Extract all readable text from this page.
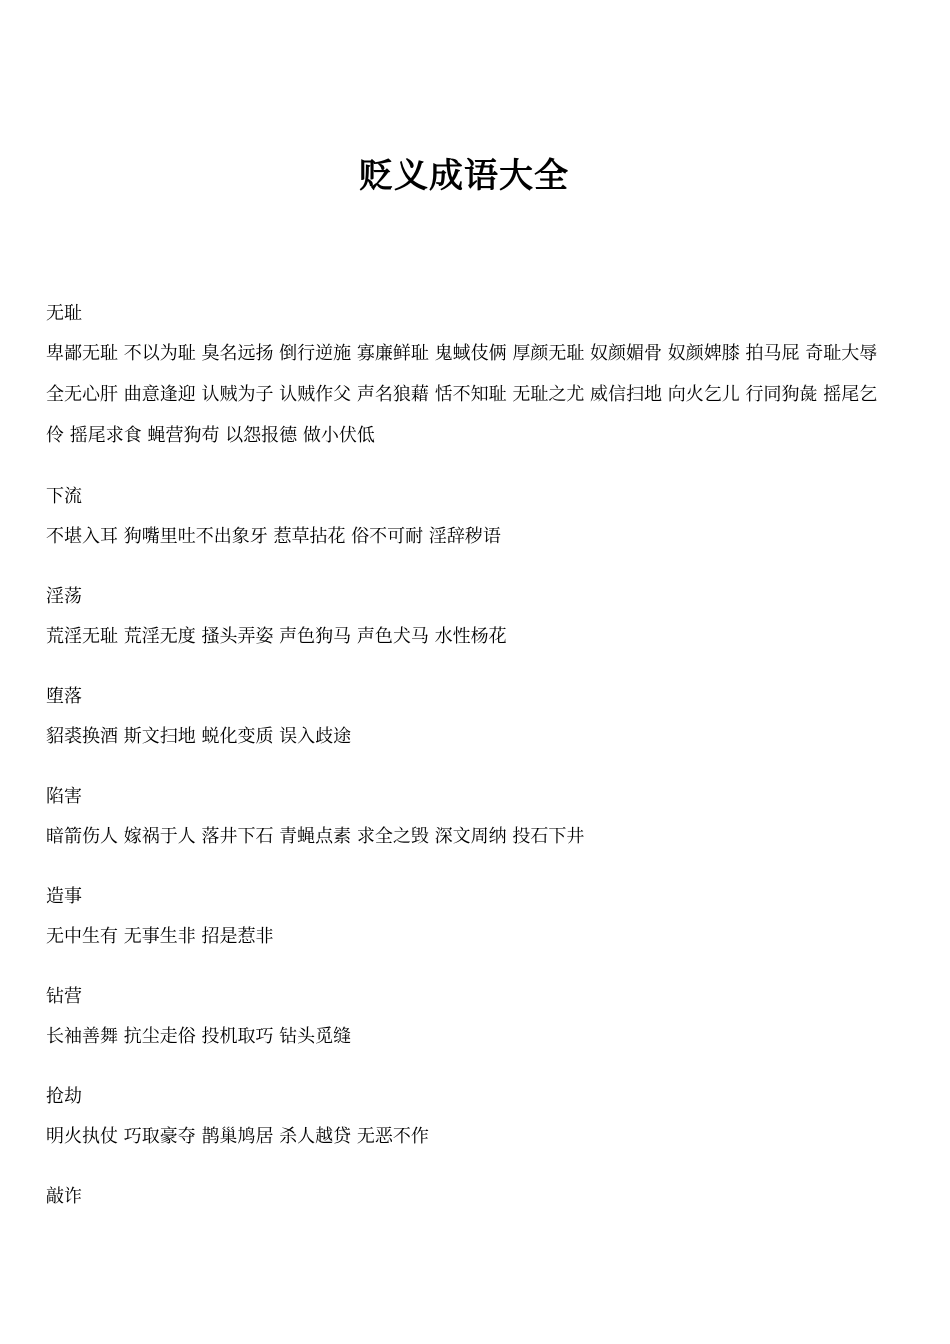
贬义成语大全

无耻

卑鄙无耻 不以为耻 臭名远扬 倒行逆施 寡廉鲜耻 鬼蜮伎俩 厚颜无耻 奴颜媚骨 奴颜婢膝 拍马屁 奇耻大辱 全无心肝 曲意逢迎 认贼为子 认贼作父 声名狼藉 恬不知耻 无耻之尤 威信扫地 向火乞儿 行同狗彘 摇尾乞伶 摇尾求食 蝇营狗苟 以怨报德 做小伏低

下流

不堪入耳 狗嘴里吐不出象牙 惹草拈花 俗不可耐 淫辞秽语

淫荡

荒淫无耻 荒淫无度 搔头弄姿 声色狗马 声色犬马 水性杨花

堕落

貂裘换酒 斯文扫地 蜕化变质 误入歧途

陷害

暗箭伤人 嫁祸于人 落井下石 青蝇点素 求全之毁 深文周纳 投石下井

造事

无中生有 无事生非 招是惹非

钻营

长袖善舞 抗尘走俗 投机取巧 钻头觅缝

抢劫

明火执仗 巧取豪夺 鹊巢鸠居 杀人越贷 无恶不作

敲诈
